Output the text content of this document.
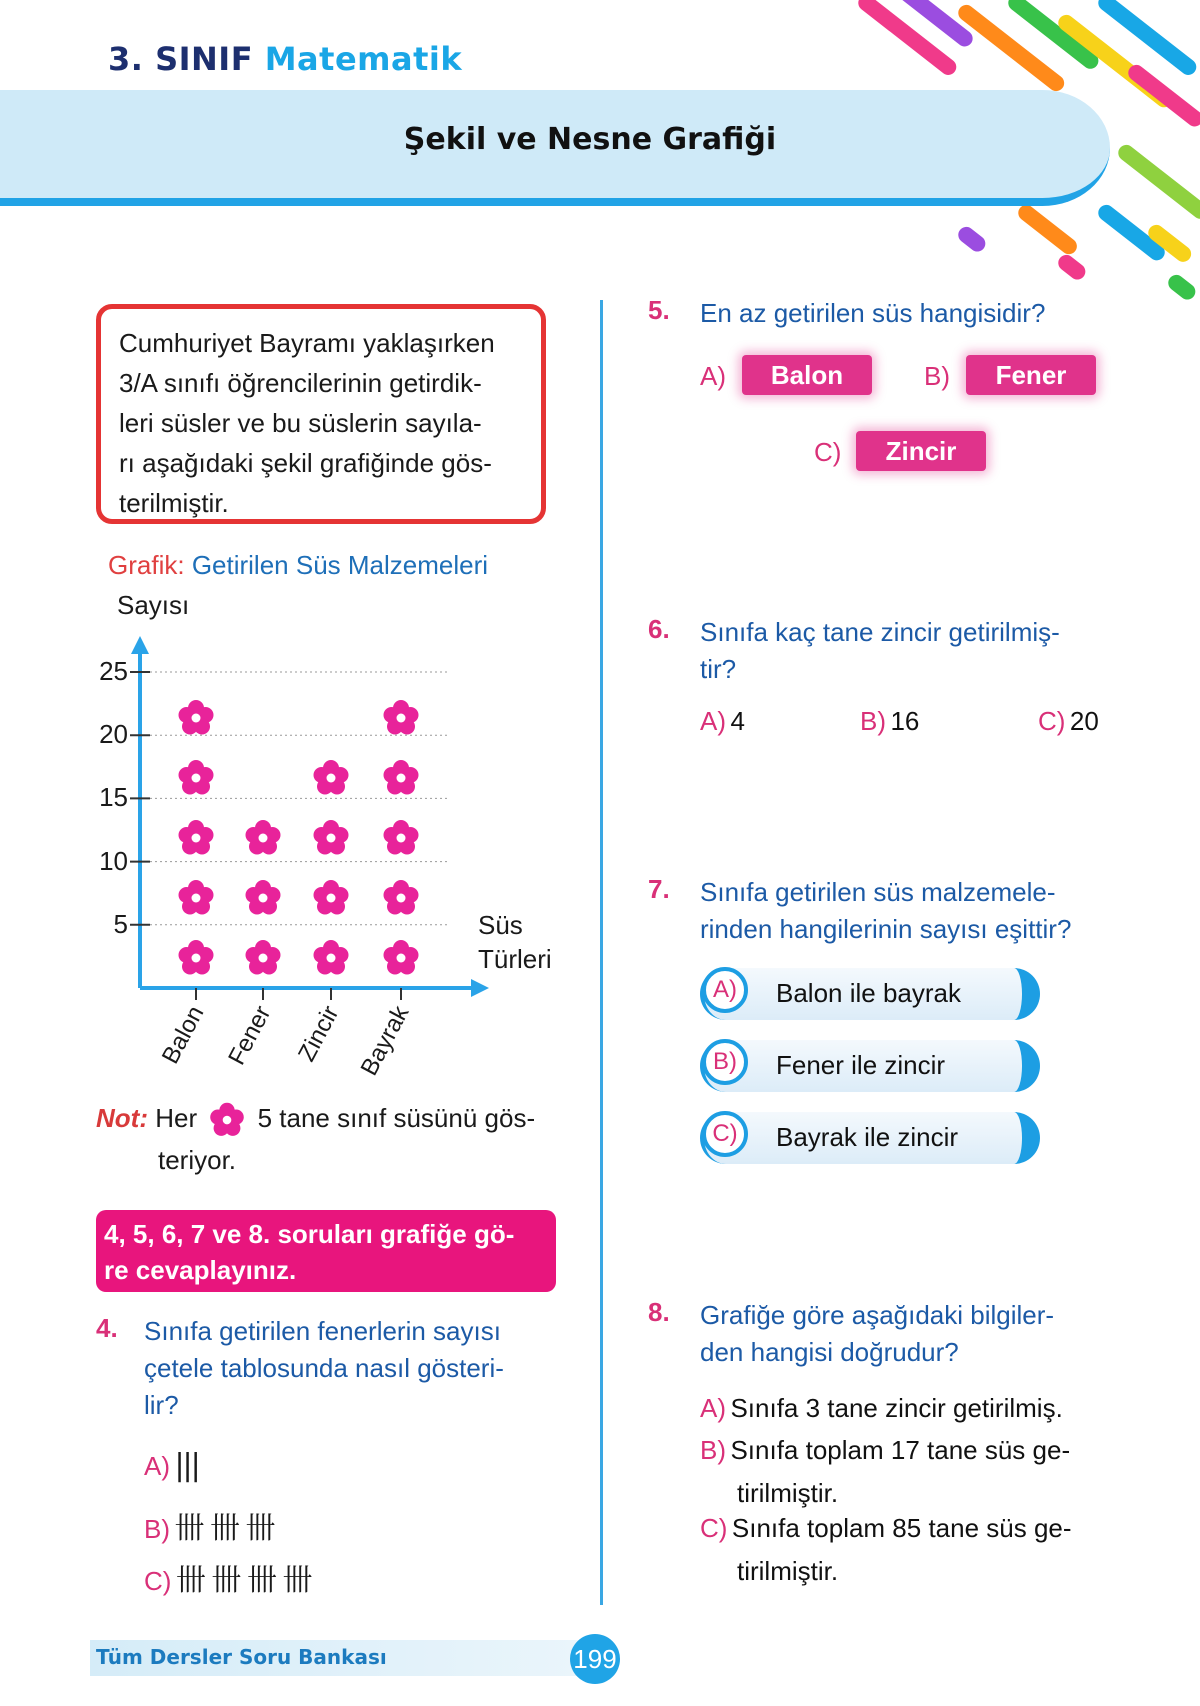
3. SINIF Matematik
Şekil ve Nesne Grafiği
Cumhuriyet Bayramı yaklaşırken
3/A sınıfı öğrencilerinin getirdik-
leri süsler ve bu süslerin sayıla-
rı aşağıdaki şekil grafiğinde gös-
terilmiştir.
Grafik: Getirilen Süs Malzemeleri
Sayısı
5
10
15
20
25
Balon Fener Zincir Bayrak
Süs
Türleri
Not: Her 5 tane sınıf süsünü gös-
teriyor.
4, 5, 6, 7 ve 8. soruları grafiğe gö-
re cevaplayınız.
4. Sınıfa getirilen fenerlerin sayısı
çetele tablosunda nasıl gösteri-
lir?
A) |||
B) 卌 卌 卌
C) 卌 卌 卌 卌
5. En az getirilen süs hangisidir?
A)	Balon	B)	Fener
C)	Zincir
6. Sınıfa kaç tane zincir getirilmiş-
tir?
A) 4	B) 16	C) 20
7. Sınıfa getirilen süs malzemele-
rinden hangilerinin sayısı eşittir?
A)	Balon ile bayrak
B)	Fener ile zincir
C)	Bayrak ile zincir
8. Grafiğe göre aşağıdaki bilgiler-
den hangisi doğrudur?
A) Sınıfa 3 tane zincir getirilmiş.
B) Sınıfa toplam 17 tane süs ge-
tirilmiştir.
C) Sınıfa toplam 85 tane süs ge-
tirilmiştir.
Tüm Dersler Soru Bankası	199
